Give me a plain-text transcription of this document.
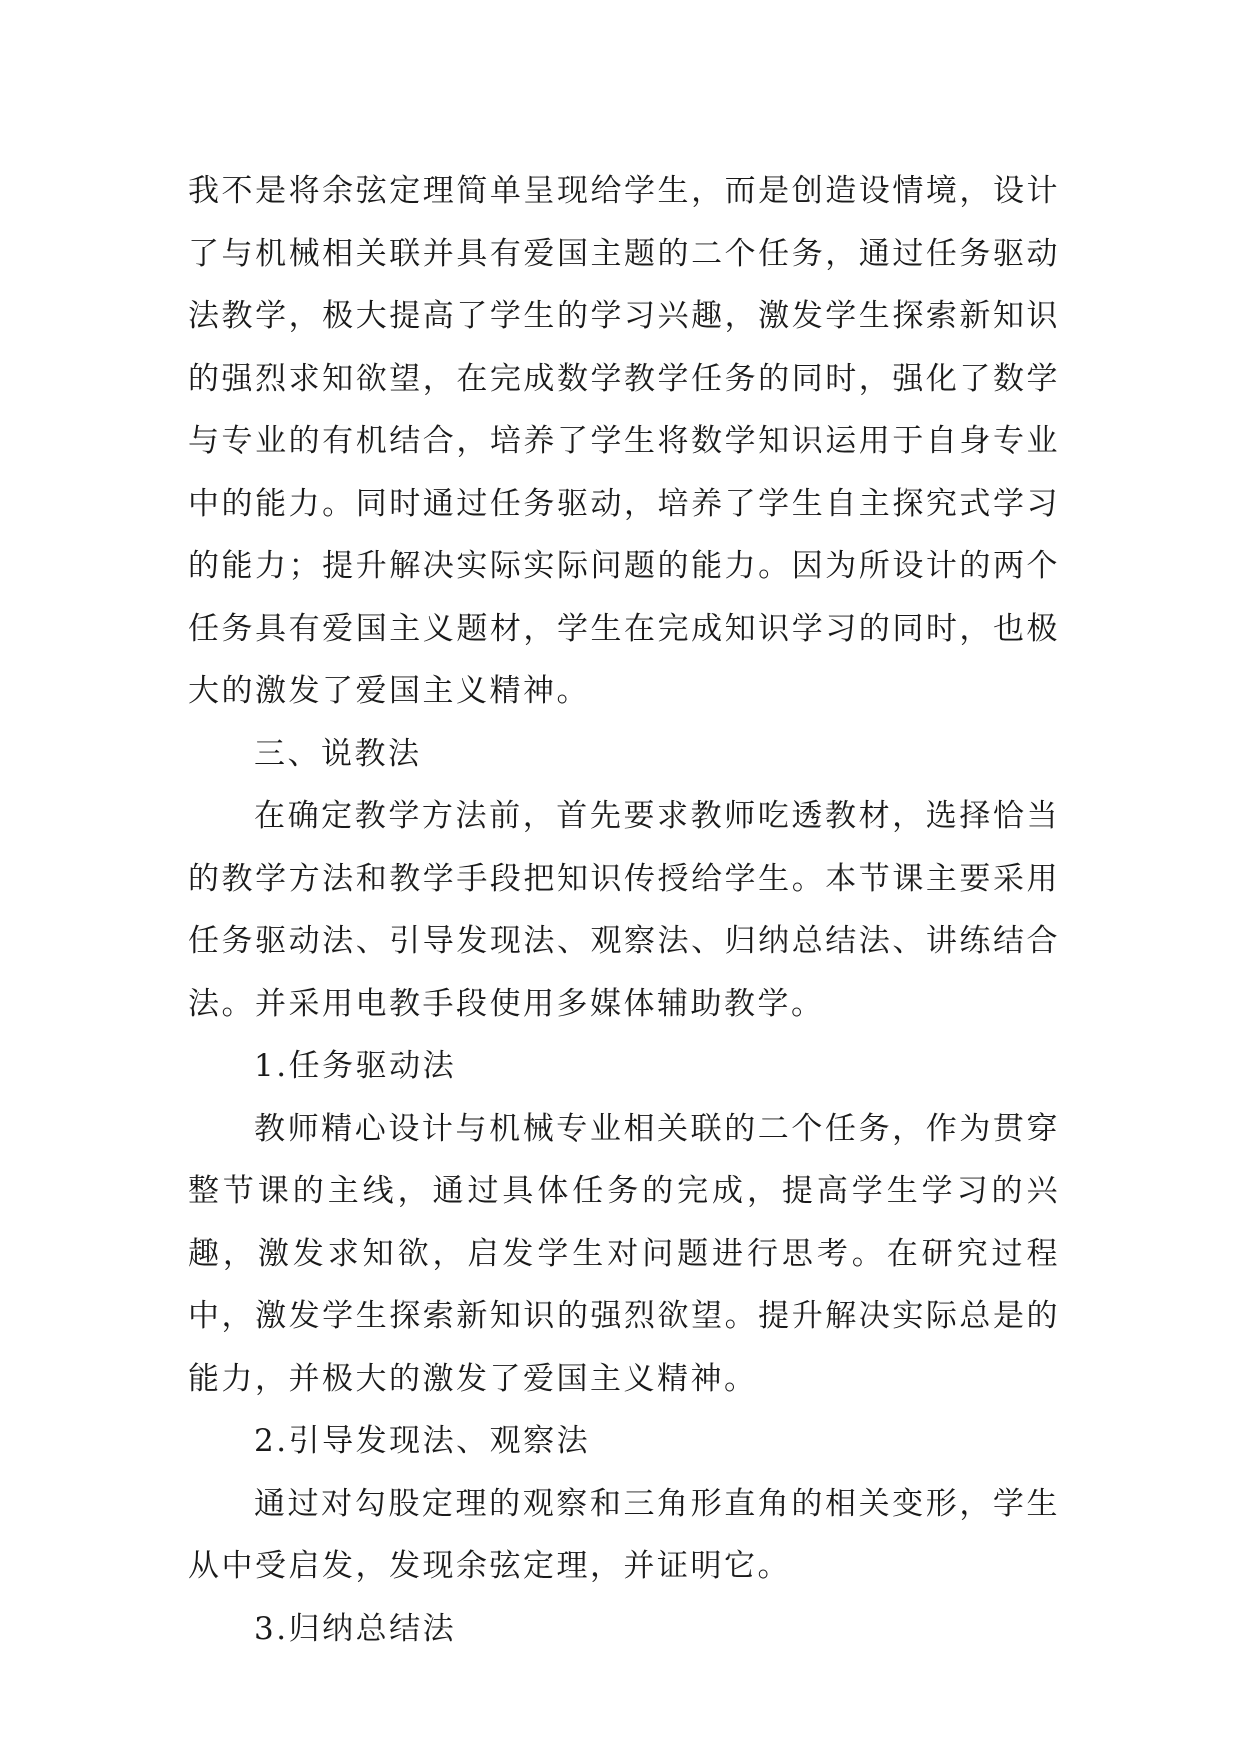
我不是将余弦定理简单呈现给学生，而是创造设情境，设计了与机械相关联并具有爱国主题的二个任务，通过任务驱动法教学，极大提高了学生的学习兴趣，激发学生探索新知识的强烈求知欲望，在完成数学教学任务的同时，强化了数学与专业的有机结合，培养了学生将数学知识运用于自身专业中的能力。同时通过任务驱动，培养了学生自主探究式学习的能力；提升解决实际实际问题的能力。因为所设计的两个任务具有爱国主义题材，学生在完成知识学习的同时，也极大的激发了爱国主义精神。

三、说教法

在确定教学方法前，首先要求教师吃透教材，选择恰当的教学方法和教学手段把知识传授给学生。本节课主要采用任务驱动法、引导发现法、观察法、归纳总结法、讲练结合法。并采用电教手段使用多媒体辅助教学。

1.任务驱动法

教师精心设计与机械专业相关联的二个任务，作为贯穿整节课的主线，通过具体任务的完成，提高学生学习的兴趣，激发求知欲，启发学生对问题进行思考。在研究过程中，激发学生探索新知识的强烈欲望。提升解决实际总是的能力，并极大的激发了爱国主义精神。

2.引导发现法、观察法

通过对勾股定理的观察和三角形直角的相关变形，学生从中受启发，发现余弦定理，并证明它。

3.归纳总结法
